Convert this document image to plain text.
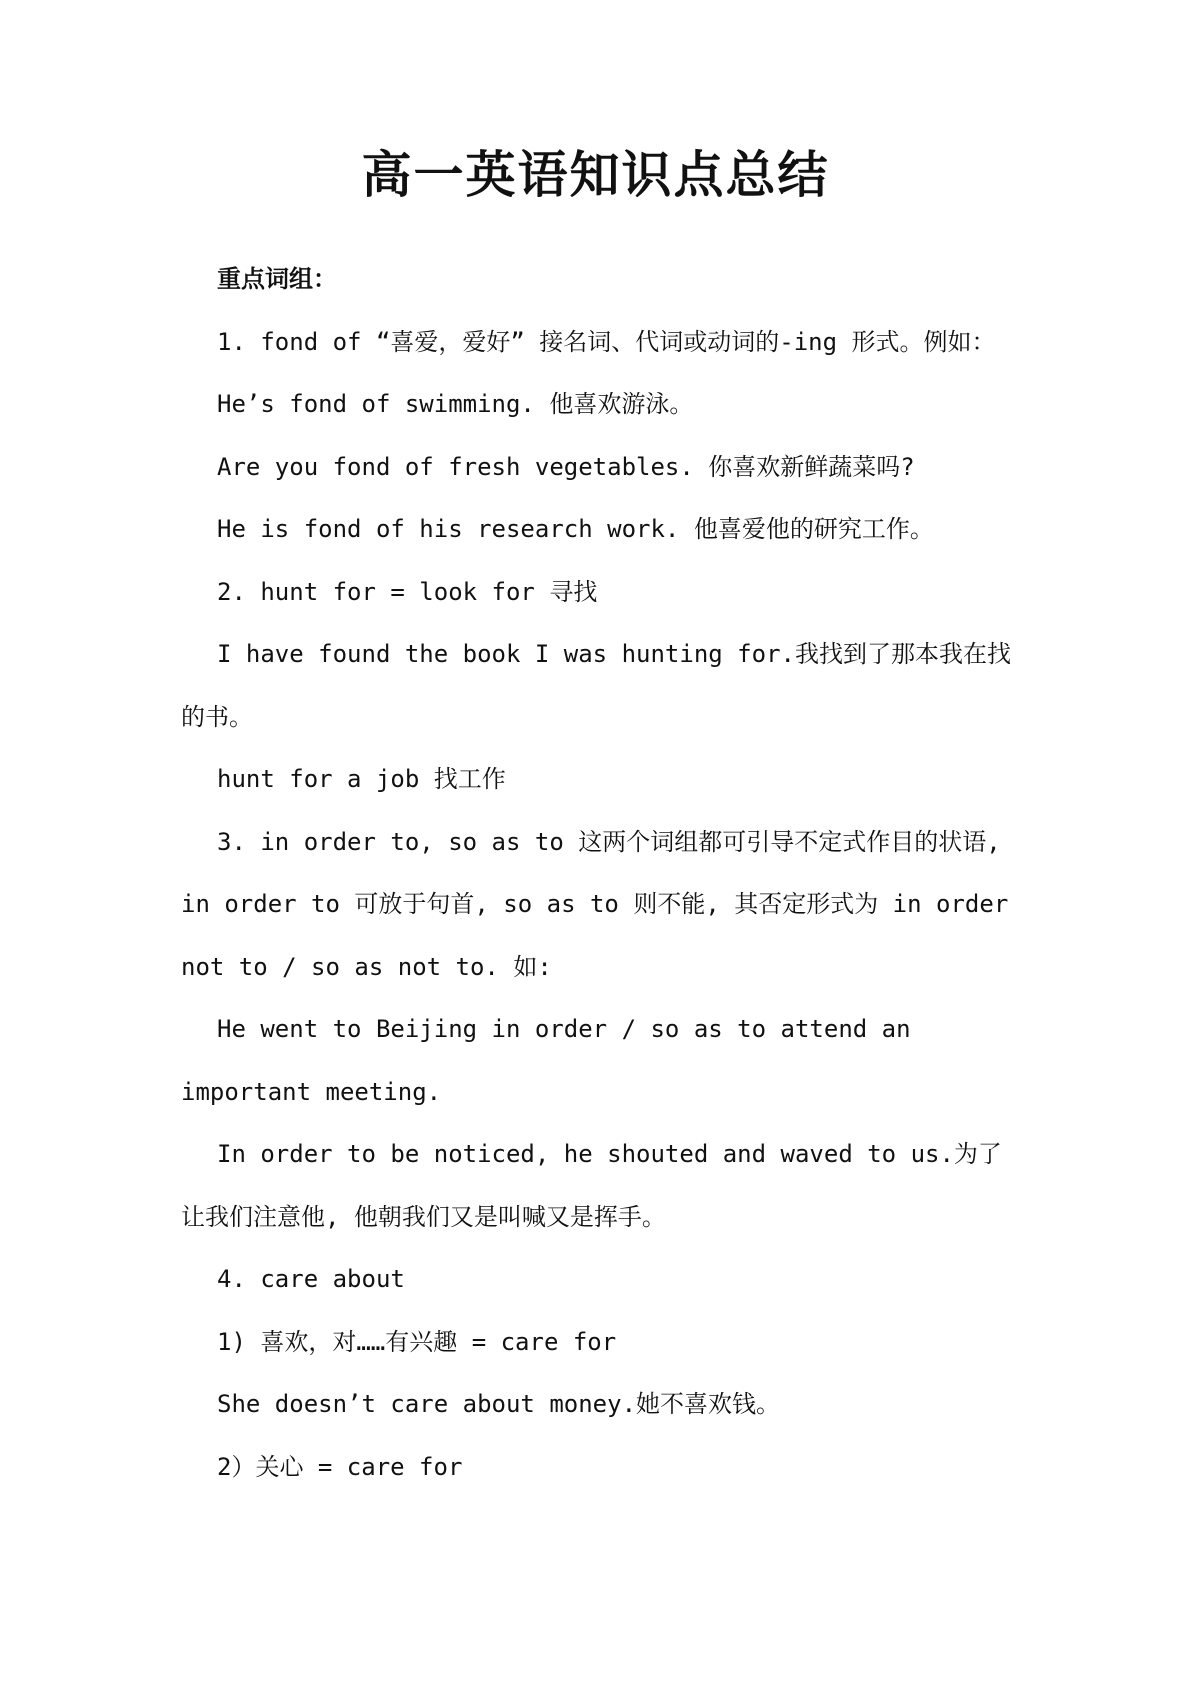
高一英语知识点总结

重点词组：

1. fond of “喜爱，爱好” 接名词、代词或动词的-ing 形式。例如：

He’s fond of swimming. 他喜欢游泳。

Are you fond of fresh vegetables. 你喜欢新鲜蔬菜吗?

He is fond of his research work. 他喜爱他的研究工作。

2. hunt for = look for 寻找

I have found the book I was hunting for.我找到了那本我在找的书。

hunt for a job 找工作

3. in order to, so as to 这两个词组都可引导不定式作目的状语, in order to 可放于句首, so as to 则不能, 其否定形式为 in order not to / so as not to. 如:

He went to Beijing in order / so as to attend an important meeting.

In order to be noticed, he shouted and waved to us.为了让我们注意他, 他朝我们又是叫喊又是挥手。

4. care about

1) 喜欢，对……有兴趣 = care for

She doesn’t care about money.她不喜欢钱。

2）关心 = care for
